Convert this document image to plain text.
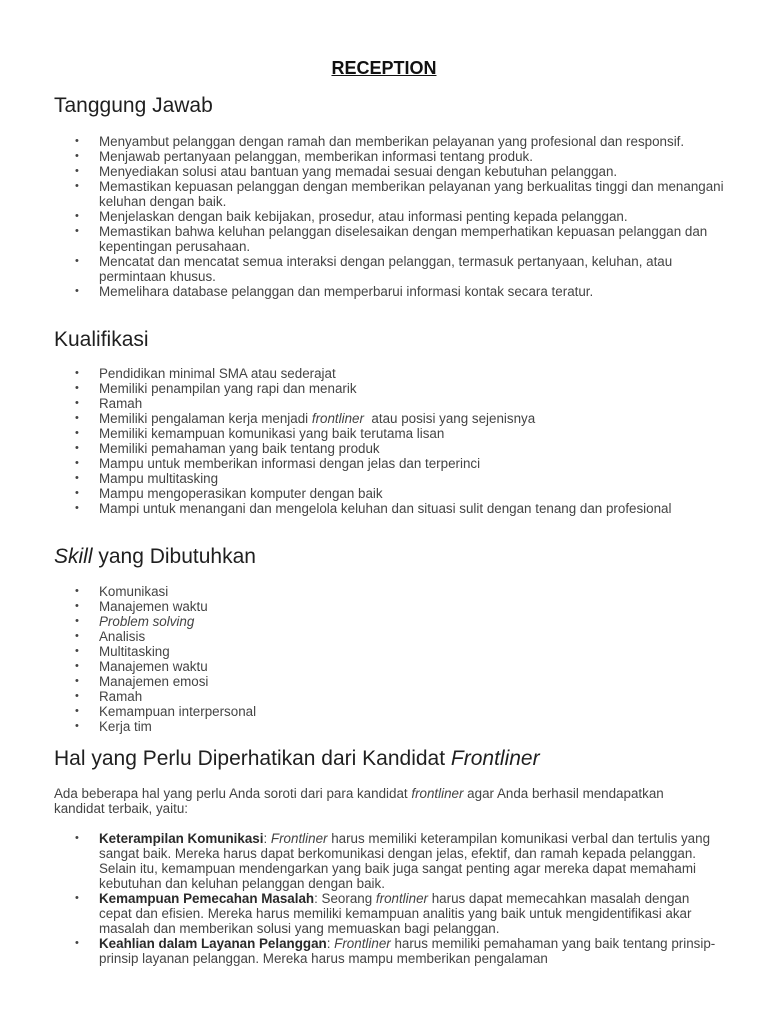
RECEPTION
Tanggung Jawab
• Menyambut pelanggan dengan ramah dan memberikan pelayanan yang profesional dan responsif.
• Menjawab pertanyaan pelanggan, memberikan informasi tentang produk.
• Menyediakan solusi atau bantuan yang memadai sesuai dengan kebutuhan pelanggan.
• Memastikan kepuasan pelanggan dengan memberikan pelayanan yang berkualitas tinggi dan menangani keluhan dengan baik.
• Menjelaskan dengan baik kebijakan, prosedur, atau informasi penting kepada pelanggan.
• Memastikan bahwa keluhan pelanggan diselesaikan dengan memperhatikan kepuasan pelanggan dan kepentingan perusahaan.
• Mencatat dan mencatat semua interaksi dengan pelanggan, termasuk pertanyaan, keluhan, atau permintaan khusus.
• Memelihara database pelanggan dan memperbarui informasi kontak secara teratur.
Kualifikasi
• Pendidikan minimal SMA atau sederajat
• Memiliki penampilan yang rapi dan menarik
• Ramah
• Memiliki pengalaman kerja menjadi frontliner  atau posisi yang sejenisnya
• Memiliki kemampuan komunikasi yang baik terutama lisan
• Memiliki pemahaman yang baik tentang produk
• Mampu untuk memberikan informasi dengan jelas dan terperinci
• Mampu multitasking
• Mampu mengoperasikan komputer dengan baik
• Mampi untuk menangani dan mengelola keluhan dan situasi sulit dengan tenang dan profesional
Skill yang Dibutuhkan
• Komunikasi
• Manajemen waktu
• Problem solving
• Analisis
• Multitasking
• Manajemen waktu
• Manajemen emosi
• Ramah
• Kemampuan interpersonal
• Kerja tim
Hal yang Perlu Diperhatikan dari Kandidat Frontliner

Ada beberapa hal yang perlu Anda soroti dari para kandidat frontliner agar Anda berhasil mendapatkan kandidat terbaik, yaitu:

• Keterampilan Komunikasi: Frontliner harus memiliki keterampilan komunikasi verbal dan tertulis yang sangat baik. Mereka harus dapat berkomunikasi dengan jelas, efektif, dan ramah kepada pelanggan. Selain itu, kemampuan mendengarkan yang baik juga sangat penting agar mereka dapat memahami kebutuhan dan keluhan pelanggan dengan baik.
• Kemampuan Pemecahan Masalah: Seorang frontliner harus dapat memecahkan masalah dengan cepat dan efisien. Mereka harus memiliki kemampuan analitis yang baik untuk mengidentifikasi akar masalah dan memberikan solusi yang memuaskan bagi pelanggan.
• Keahlian dalam Layanan Pelanggan: Frontliner harus memiliki pemahaman yang baik tentang prinsip-prinsip layanan pelanggan. Mereka harus mampu memberikan pengalaman
